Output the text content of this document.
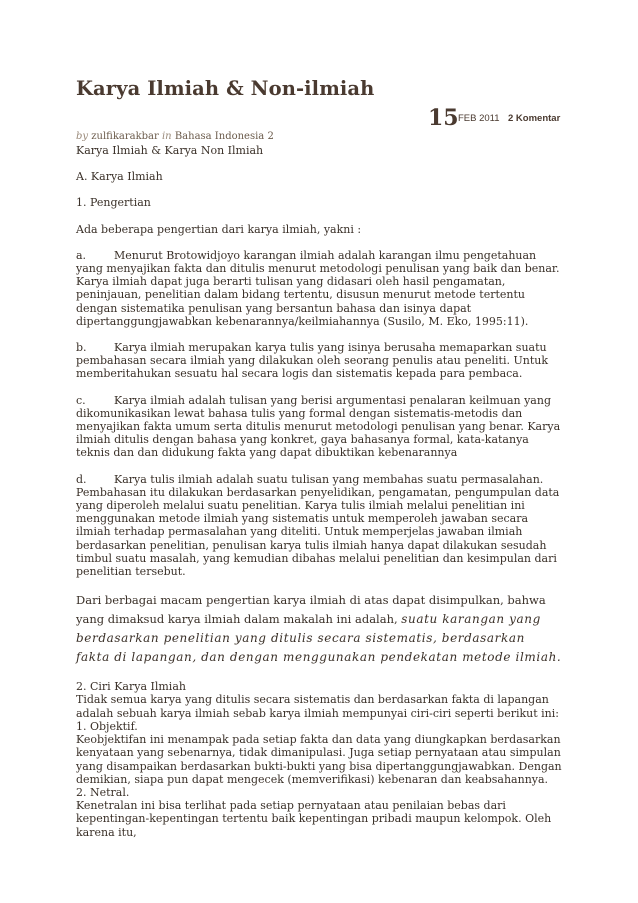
Karya Ilmiah & Non-ilmiah
15 FEB 2011 2 Komentar
by zulfikarakbar in Bahasa Indonesia 2

Karya Ilmiah & Karya Non Ilmiah

A. Karya Ilmiah

1. Pengertian

Ada beberapa pengertian dari karya ilmiah, yakni :

a.	Menurut Brotowidjoyo karangan ilmiah adalah karangan ilmu pengetahuan yang menyajikan fakta dan ditulis menurut metodologi penulisan yang baik dan benar. Karya ilmiah dapat juga berarti tulisan yang didasari oleh hasil pengamatan, peninjauan, penelitian dalam bidang tertentu, disusun menurut metode tertentu dengan sistematika penulisan yang bersantun bahasa dan isinya dapat dipertanggungjawabkan kebenarannya/keilmiahannya (Susilo, M. Eko, 1995:11).

b. Karya ilmiah merupakan karya tulis yang isinya berusaha memaparkan suatu pembahasan secara ilmiah yang dilakukan oleh seorang penulis atau peneliti. Untuk memberitahukan sesuatu hal secara logis dan sistematis kepada para pembaca.

c.	Karya ilmiah adalah tulisan yang berisi argumentasi penalaran keilmuan yang dikomunikasikan lewat bahasa tulis yang formal dengan sistematis-metodis dan menyajikan fakta umum serta ditulis menurut metodologi penulisan yang benar. Karya ilmiah ditulis dengan bahasa yang konkret, gaya bahasanya formal, kata-katanya teknis dan dan didukung fakta yang dapat dibuktikan kebenarannya

d. Karya tulis ilmiah adalah suatu tulisan yang membahas suatu permasalahan. Pembahasan itu dilakukan berdasarkan penyelidikan, pengamatan, pengumpulan data yang diperoleh melalui suatu penelitian. Karya tulis ilmiah melalui penelitian ini menggunakan metode ilmiah yang sistematis untuk memperoleh jawaban secara ilmiah terhadap permasalahan yang diteliti. Untuk memperjelas jawaban ilmiah berdasarkan penelitian, penulisan karya tulis ilmiah hanya dapat dilakukan sesudah timbul suatu masalah, yang kemudian dibahas melalui penelitian dan kesimpulan dari penelitian tersebut.

Dari berbagai macam pengertian karya ilmiah di atas dapat disimpulkan, bahwa yang dimaksud karya ilmiah dalam makalah ini adalah, suatu karangan yang berdasarkan penelitian yang ditulis secara sistematis, berdasarkan fakta di lapangan, dan dengan menggunakan pendekatan metode ilmiah.

2. Ciri Karya Ilmiah

Tidak semua karya yang ditulis secara sistematis dan berdasarkan fakta di lapangan adalah sebuah karya ilmiah sebab karya ilmiah mempunyai ciri-ciri seperti berikut ini:

1. Objektif.

Keobjektifan ini menampak pada setiap fakta dan data yang diungkapkan berdasarkan kenyataan yang sebenarnya, tidak dimanipulasi. Juga setiap pernyataan atau simpulan yang disampaikan berdasarkan bukti-bukti yang bisa dipertanggungjawabkan. Dengan demikian, siapa pun dapat mengecek (memverifikasi) kebenaran dan keabsahannya.

2. Netral.

Kenetralan ini bisa terlihat pada setiap pernyataan atau penilaian bebas dari kepentingan-kepentingan tertentu baik kepentingan pribadi maupun kelompok. Oleh karena itu,
